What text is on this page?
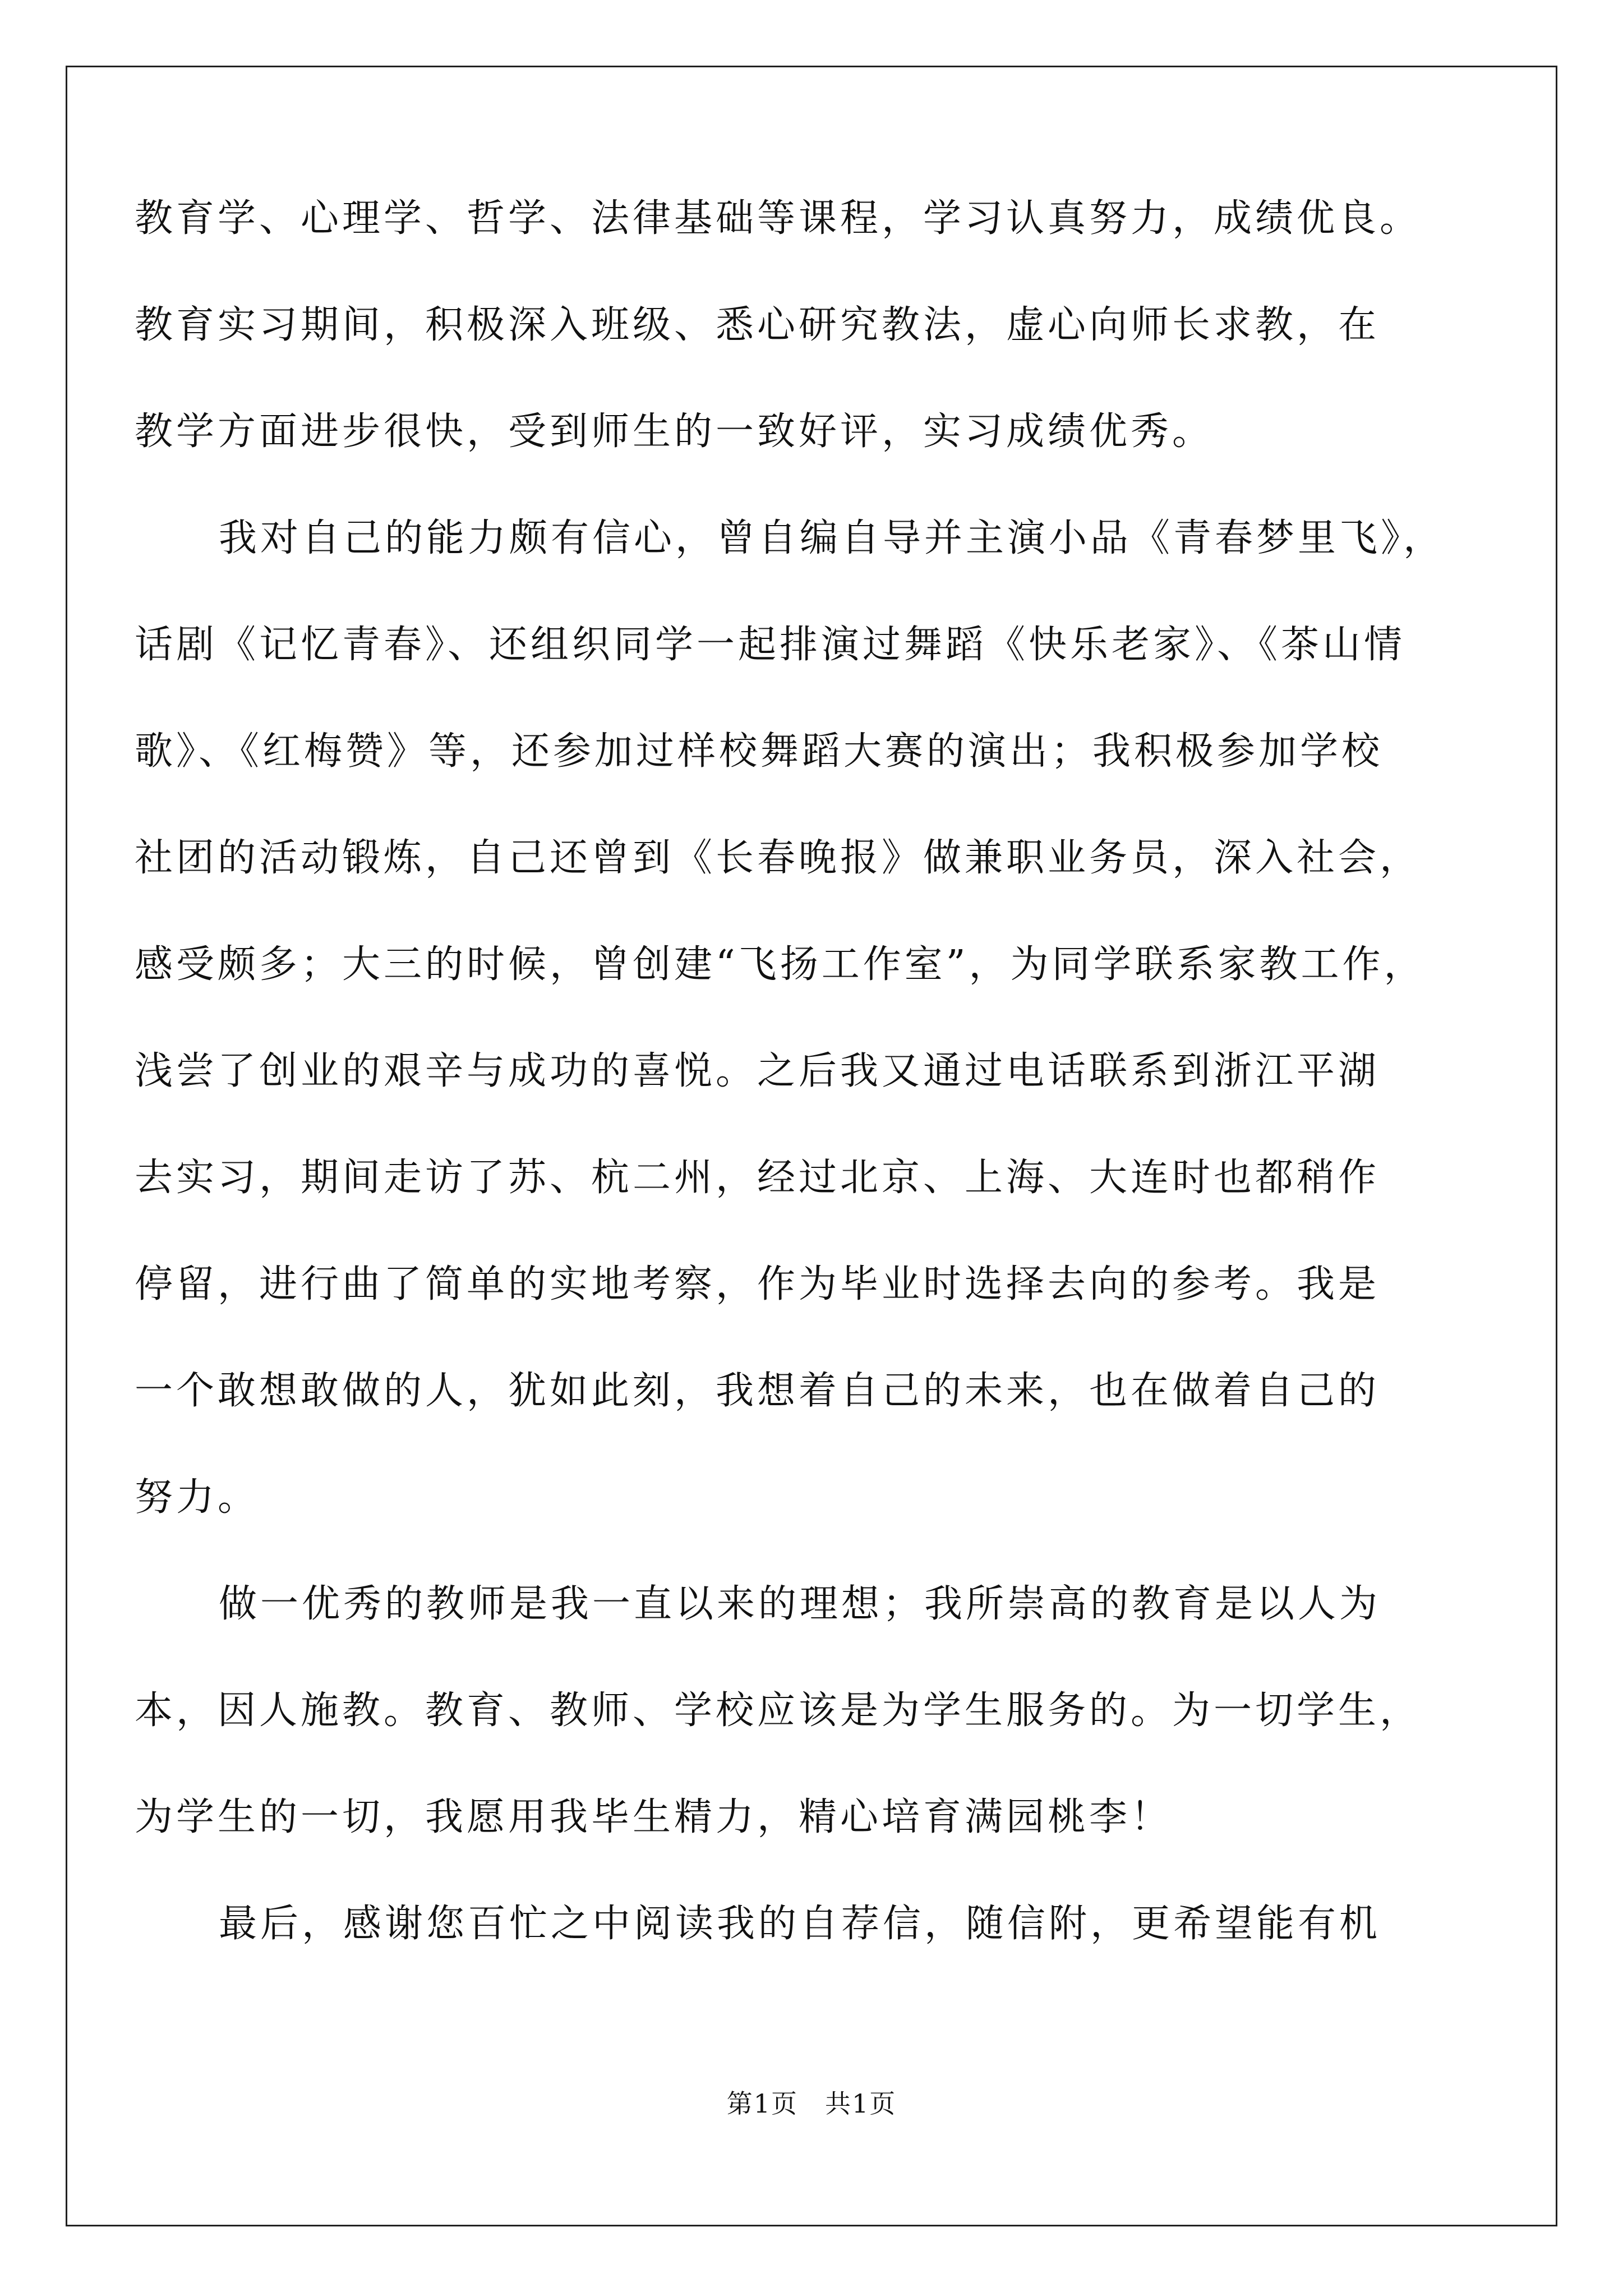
教育学、心理学、哲学、法律基础等课程，学习认真努力，成绩优良。
教育实习期间，积极深入班级、悉心研究教法，虚心向师长求教，在
教学方面进步很快，受到师生的一致好评，实习成绩优秀。
我对自己的能力颇有信心，曾自编自导并主演小品《青春梦里飞》，
话剧《记忆青春》、还组织同学一起排演过舞蹈《快乐老家》、《茶山情
歌》、《红梅赞》等，还参加过样校舞蹈大赛的演出；我积极参加学校
社团的活动锻炼，自己还曾到《长春晚报》做兼职业务员，深入社会，
感受颇多；大三的时候，曾创建“飞扬工作室”，为同学联系家教工作，
浅尝了创业的艰辛与成功的喜悦。之后我又通过电话联系到浙江平湖
去实习，期间走访了苏、杭二州，经过北京、上海、大连时也都稍作
停留，进行曲了简单的实地考察，作为毕业时选择去向的参考。我是
一个敢想敢做的人，犹如此刻，我想着自己的未来，也在做着自己的
努力。
做一优秀的教师是我一直以来的理想；我所崇高的教育是以人为
本，因人施教。教育、教师、学校应该是为学生服务的。为一切学生，
为学生的一切，我愿用我毕生精力，精心培育满园桃李！
最后，感谢您百忙之中阅读我的自荐信，随信附，更希望能有机
第1页　共1页
